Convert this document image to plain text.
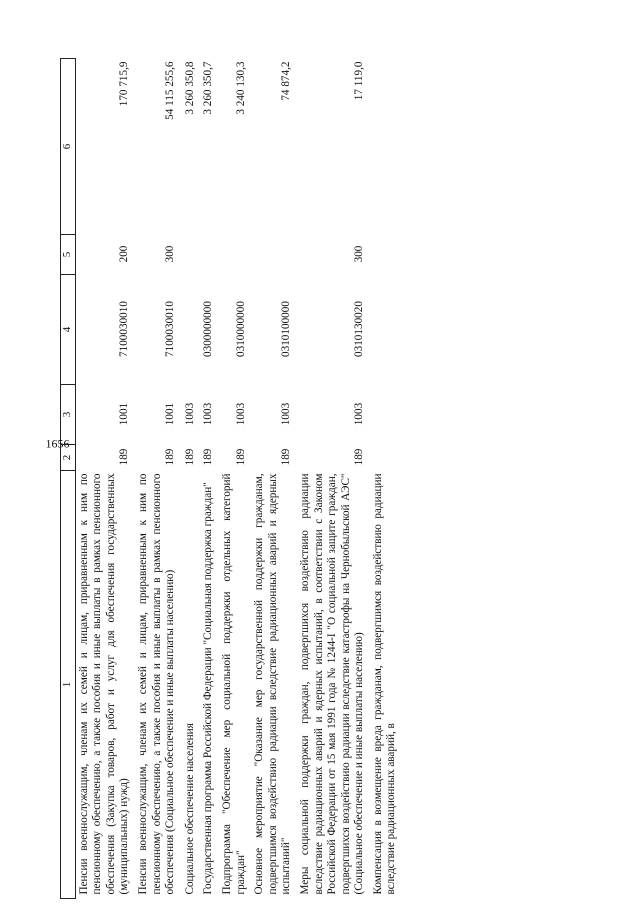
1656
1	2	3	4	5	6
Пенсии военнослужащим, членам их семей и лицам, приравненным к ним по пенсионному обеспечению, а также пособия и иные выплаты в рамках пенсионного обеспечения (Закупка товаров, работ и услуг для обеспечения государственных (муниципальных) нужд)	189	1001	7100030010	200	170 715,9
Пенсии военнослужащим, членам их семей и лицам, приравненным к ним по пенсионному обеспечению, а также пособия и иные выплаты в рамках пенсионного обеспечения (Социальное обеспечение и иные выплаты населению)	189	1001	7100030010	300	54 115 255,6
Социальное обеспечение населения	189	1003			3 260 350,8
Государственная программа Российской Федерации "Социальная поддержка граждан"	189	1003	0300000000		3 260 350,7
Подпрограмма "Обеспечение мер социальной поддержки отдельных категорий граждан"	189	1003	0310000000		3 240 130,3
Основное мероприятие "Оказание мер государственной поддержки гражданам, подвергшимся воздействию радиации вследствие радиационных аварий и ядерных испытаний"	189	1003	0310100000		74 874,2
Меры социальной поддержки граждан, подвергшихся воздействию радиации вследствие радиационных аварий и ядерных испытаний, в соответствии с Законом Российской Федерации от 15 мая 1991 года № 1244-I "О социальной защите граждан, подвергшихся воздействию радиации вследствие катастрофы на Чернобыльской АЭС" (Социальное обеспечение и иные выплаты населению)	189	1003	0310130020	300	17 119,0
Компенсация в возмещение вреда гражданам, подвергшимся воздействию радиации вследствие радиационных аварий, в					
